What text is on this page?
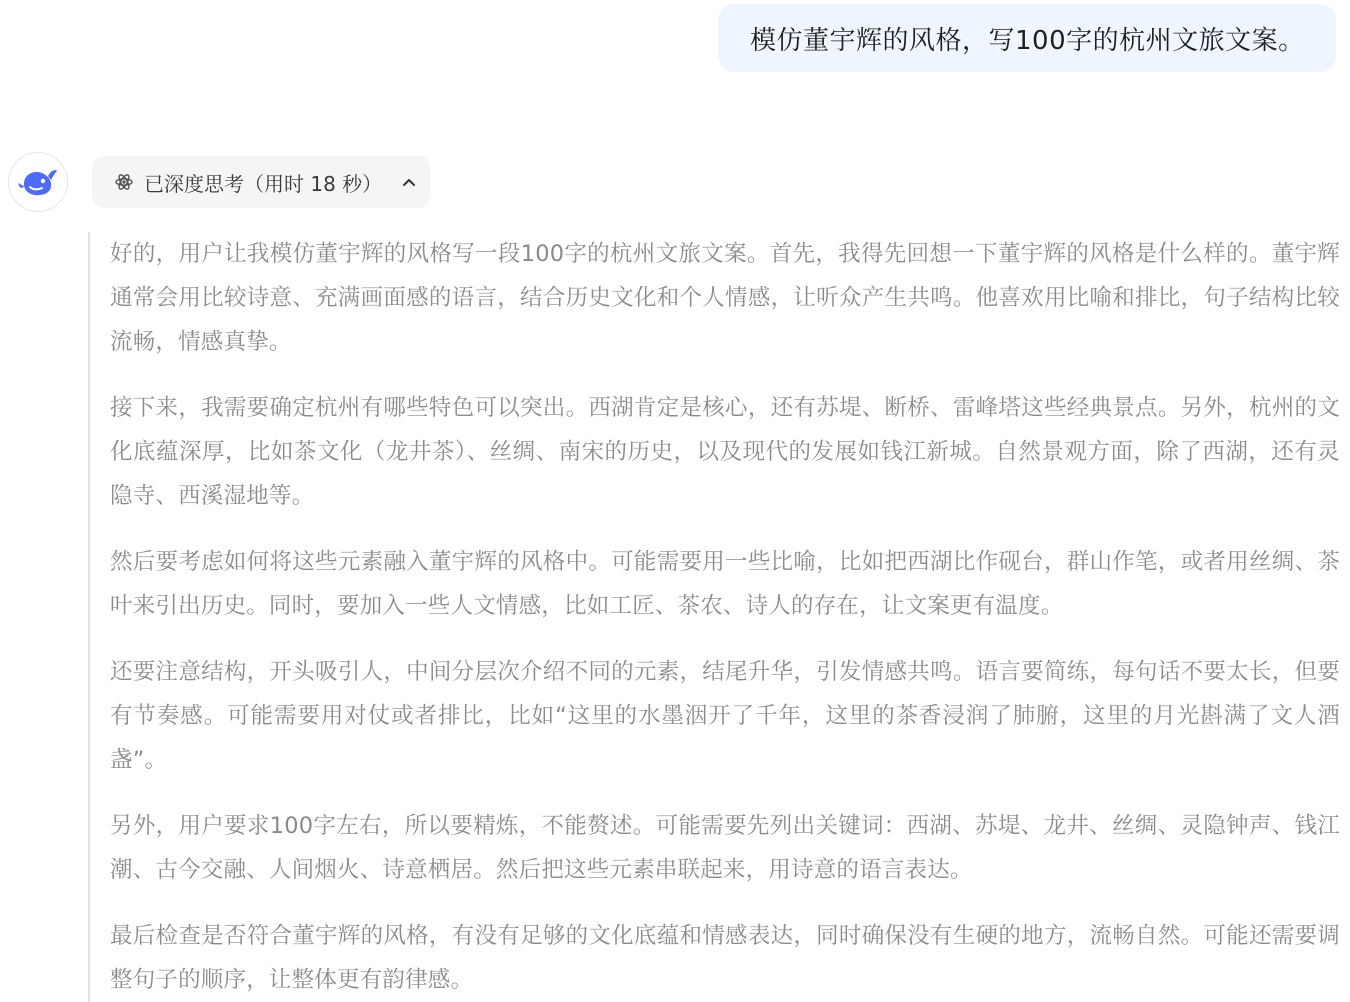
模仿董宇辉的风格，写100字的杭州文旅文案。
已深度思考（用时 18 秒）

好的，用户让我模仿董宇辉的风格写一段100字的杭州文旅文案。首先，我得先回想一下董宇辉的风格是什么样的。董宇辉通常会用比较诗意、充满画面感的语言，结合历史文化和个人情感，让听众产生共鸣。他喜欢用比喻和排比，句子结构比较流畅，情感真挚。

接下来，我需要确定杭州有哪些特色可以突出。西湖肯定是核心，还有苏堤、断桥、雷峰塔这些经典景点。另外，杭州的文化底蕴深厚，比如茶文化（龙井茶）、丝绸、南宋的历史，以及现代的发展如钱江新城。自然景观方面，除了西湖，还有灵隐寺、西溪湿地等。

然后要考虑如何将这些元素融入董宇辉的风格中。可能需要用一些比喻，比如把西湖比作砚台，群山作笔，或者用丝绸、茶叶来引出历史。同时，要加入一些人文情感，比如工匠、茶农、诗人的存在，让文案更有温度。

还要注意结构，开头吸引人，中间分层次介绍不同的元素，结尾升华，引发情感共鸣。语言要简练，每句话不要太长，但要有节奏感。可能需要用对仗或者排比，比如“这里的水墨洇开了千年，这里的茶香浸润了肺腑，这里的月光斟满了文人酒盏”。

另外，用户要求100字左右，所以要精炼，不能赘述。可能需要先列出关键词：西湖、苏堤、龙井、丝绸、灵隐钟声、钱江潮、古今交融、人间烟火、诗意栖居。然后把这些元素串联起来，用诗意的语言表达。

最后检查是否符合董宇辉的风格，有没有足够的文化底蕴和情感表达，同时确保没有生硬的地方，流畅自然。可能还需要调整句子的顺序，让整体更有韵律感。
